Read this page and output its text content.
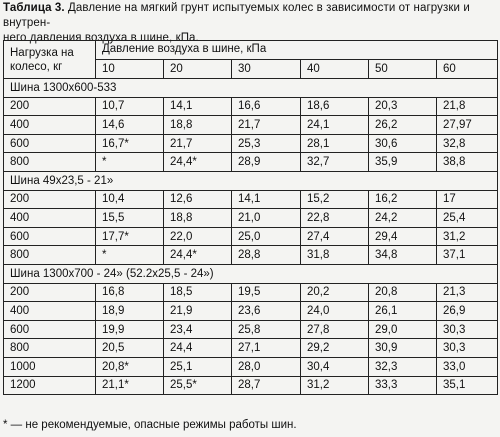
Таблица 3. Давление на мягкий грунт испытуемых колес в зависимости от нагрузки и внутрен-
него давления воздуха в шине, кПа.
Нагрузка на колесо, кг	Давление воздуха в шине, кПа					
	10	20	30	40	50	60
Шина 1300х600-533						
200	10,7	14,1	16,6	18,6	20,3	21,8
400	14,6	18,8	21,7	24,1	26,2	27,97
600	16,7*	21,7	25,3	28,1	30,6	32,8
800	*	24,4*	28,9	32,7	35,9	38,8
Шина 49х23,5 - 21»						
200	10,4	12,6	14,1	15,2	16,2	17
400	15,5	18,8	21,0	22,8	24,2	25,4
600	17,7*	22,0	25,0	27,4	29,4	31,2
800	*	24,4*	28,8	31,8	34,8	37,1
Шина 1300х700 - 24» (52.2х25,5 - 24»)						
200	16,8	18,5	19,5	20,2	20,8	21,3
400	18,9	21,9	23,6	24,0	26,1	26,9
600	19,9	23,4	25,8	27,8	29,0	30,3
800	20,5	24,4	27,1	29,2	30,9	30,3
1000	20,8*	25,1	28,0	30,4	32,3	33,0
1200	21,1*	25,5*	28,7	31,2	33,3	35,1
* — не рекомендуемые, опасные режимы работы шин.
